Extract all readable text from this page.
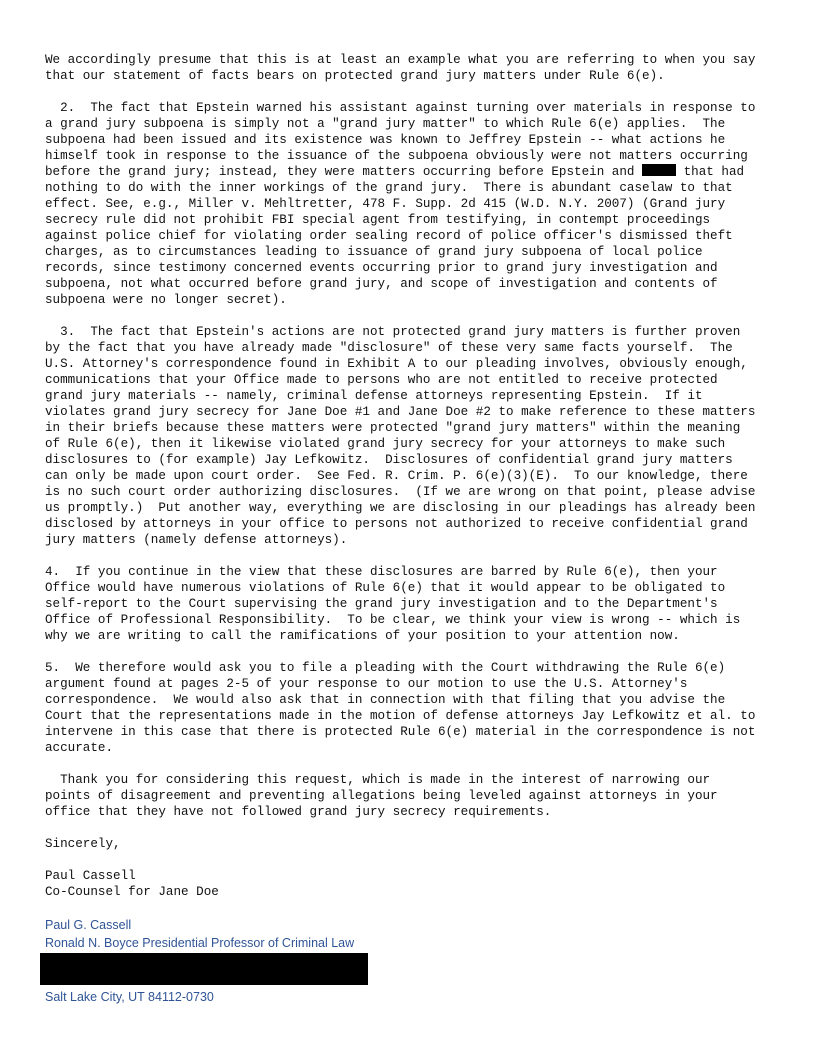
We accordingly presume that this is at least an example what you are referring to when you say
that our statement of facts bears on protected grand jury matters under Rule 6(e).
2.  The fact that Epstein warned his assistant against turning over materials in response to
a grand jury subpoena is simply not a "grand jury matter" to which Rule 6(e) applies.  The
subpoena had been issued and its existence was known to Jeffrey Epstein -- what actions he
himself took in response to the issuance of the subpoena obviously were not matters occurring
before the grand jury; instead, they were matters occurring before Epstein and	that had
nothing to do with the inner workings of the grand jury.  There is abundant caselaw to that
effect. See, e.g., Miller v. Mehltretter, 478 F. Supp. 2d 415 (W.D. N.Y. 2007) (Grand jury
secrecy rule did not prohibit FBI special agent from testifying, in contempt proceedings
against police chief for violating order sealing record of police officer's dismissed theft
charges, as to circumstances leading to issuance of grand jury subpoena of local police
records, since testimony concerned events occurring prior to grand jury investigation and
subpoena, not what occurred before grand jury, and scope of investigation and contents of
subpoena were no longer secret).
3.  The fact that Epstein's actions are not protected grand jury matters is further proven
by the fact that you have already made "disclosure" of these very same facts yourself.  The
U.S. Attorney's correspondence found in Exhibit A to our pleading involves, obviously enough,
communications that your Office made to persons who are not entitled to receive protected
grand jury materials -- namely, criminal defense attorneys representing Epstein.  If it
violates grand jury secrecy for Jane Doe #1 and Jane Doe #2 to make reference to these matters
in their briefs because these matters were protected "grand jury matters" within the meaning
of Rule 6(e), then it likewise violated grand jury secrecy for your attorneys to make such
disclosures to (for example) Jay Lefkowitz.  Disclosures of confidential grand jury matters
can only be made upon court order.  See Fed. R. Crim. P. 6(e)(3)(E).  To our knowledge, there
is no such court order authorizing disclosures.  (If we are wrong on that point, please advise
us promptly.)  Put another way, everything we are disclosing in our pleadings has already been
disclosed by attorneys in your office to persons not authorized to receive confidential grand
jury matters (namely defense attorneys).
4.  If you continue in the view that these disclosures are barred by Rule 6(e), then your
Office would have numerous violations of Rule 6(e) that it would appear to be obligated to
self-report to the Court supervising the grand jury investigation and to the Department's
Office of Professional Responsibility.  To be clear, we think your view is wrong -- which is
why we are writing to call the ramifications of your position to your attention now.
5.  We therefore would ask you to file a pleading with the Court withdrawing the Rule 6(e)
argument found at pages 2-5 of your response to our motion to use the U.S. Attorney's
correspondence.  We would also ask that in connection with that filing that you advise the
Court that the representations made in the motion of defense attorneys Jay Lefkowitz et al. to
intervene in this case that there is protected Rule 6(e) material in the correspondence is not
accurate.
Thank you for considering this request, which is made in the interest of narrowing our
points of disagreement and preventing allegations being leveled against attorneys in your
office that they have not followed grand jury secrecy requirements.
Sincerely,
Paul Cassell
Co-Counsel for Jane Doe
Paul G. Cassell
Ronald N. Boyce Presidential Professor of Criminal Law
Salt Lake City, UT 84112-0730
